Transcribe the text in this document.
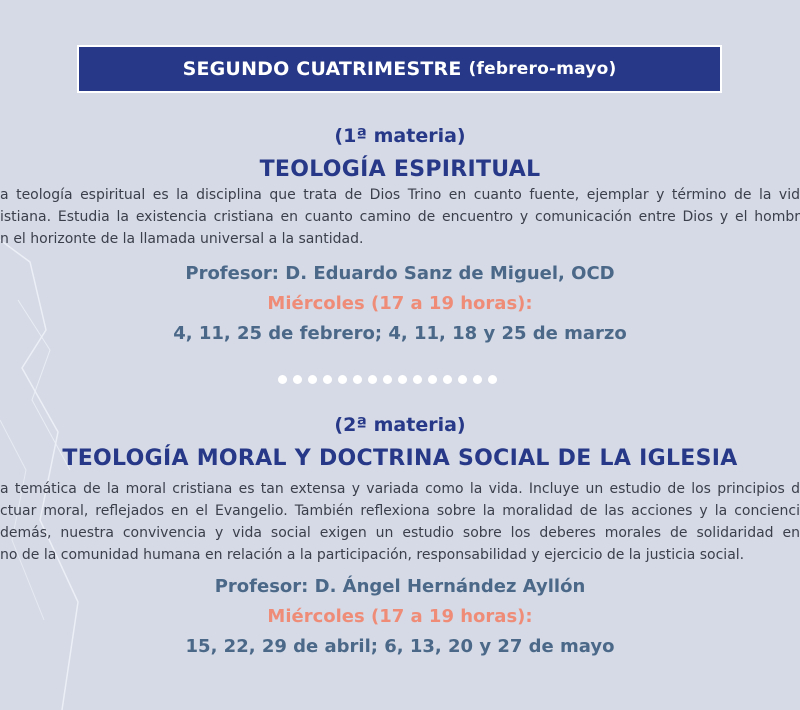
SEGUNDO CUATRIMESTRE (febrero-mayo)
(1ª materia)
TEOLOGÍA ESPIRITUAL
a teología espiritual es la disciplina que trata de Dios Trino en cuanto fuente, ejemplar y término de la vid
istiana. Estudia la existencia cristiana en cuanto camino de encuentro y comunicación entre Dios y el hombr
n el horizonte de la llamada universal a la santidad.
Profesor: D. Eduardo Sanz de Miguel, OCD
Miércoles (17 a 19 horas):
4, 11, 25 de febrero; 4, 11, 18 y 25 de marzo
(2ª materia)
TEOLOGÍA MORAL Y DOCTRINA SOCIAL DE LA IGLESIA
a temática de la moral cristiana es tan extensa y variada como la vida. Incluye un estudio de los principios d
ctuar moral, reflejados en el Evangelio. También reflexiona sobre la moralidad de las acciones y la concienci
demás, nuestra convivencia y vida social exigen un estudio sobre los deberes morales de solidaridad en
no de la comunidad humana en relación a la participación, responsabilidad y ejercicio de la justicia social.
Profesor: D. Ángel Hernández Ayllón
Miércoles (17 a 19 horas):
15, 22, 29 de abril; 6, 13, 20 y 27 de mayo
